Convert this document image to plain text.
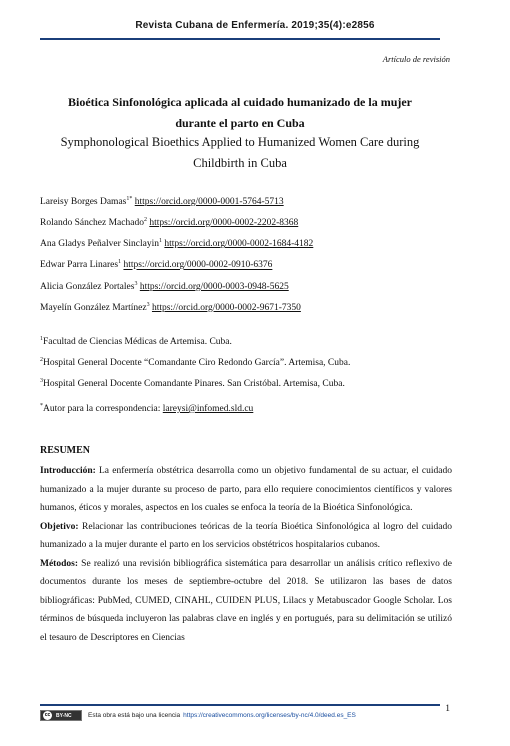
Revista Cubana de Enfermería. 2019;35(4):e2856
Artículo de revisión
Bioética Sinfonológica aplicada al cuidado humanizado de la mujer
durante el parto en Cuba
Symphonological Bioethics Applied to Humanized Women Care during
Childbirth in Cuba
Lareisy Borges Damas$^{1*}$ https://orcid.org/0000-0001-5764-5713
Rolando Sánchez Machado$^2$ https://orcid.org/0000-0002-2202-8368
Ana Gladys Peñalver Sinclayin$^1$ https://orcid.org/0000-0002-1684-4182
Edwar Parra Linares$^1$ https://orcid.org/0000-0002-0910-6376
Alicia González Portales$^3$ https://orcid.org/0000-0003-0948-5625
Mayelín González Martínez$^3$ https://orcid.org/0000-0002-9671-7350
$^1$Facultad de Ciencias Médicas de Artemisa. Cuba.
$^2$Hospital General Docente “Comandante Ciro Redondo García”. Artemisa, Cuba.
$^3$Hospital General Docente Comandante Pinares. San Cristóbal. Artemisa, Cuba.
*Autor para la correspondencia: lareysi@infomed.sld.cu
RESUMEN

Introducción: La enfermería obstétrica desarrolla como un objetivo fundamental de su actuar, el cuidado humanizado a la mujer durante su proceso de parto, para ello requiere conocimientos científicos y valores humanos, éticos y morales, aspectos en los cuales se enfoca la teoría de la Bioética Sinfonológica.

Objetivo: Relacionar las contribuciones teóricas de la teoría Bioética Sinfonológica al logro del cuidado humanizado a la mujer durante el parto en los servicios obstétricos hospitalarios cubanos.

Métodos: Se realizó una revisión bibliográfica sistemática para desarrollar un análisis crítico reflexivo de documentos durante los meses de septiembre-octubre del 2018. Se utilizaron las bases de datos bibliográficas: PubMed, CUMED, CINAHL, CUIDEN PLUS, Lilacs y Metabuscador Google Scholar. Los términos de búsqueda incluyeron las palabras clave en inglés y en portugués, para su delimitación se utilizó el tesauro de Descriptores en Ciencias

1
cc	BY-NC	Esta obra está bajo una licencia https://creativecommons.org/licenses/by-nc/4.0/deed.es_ES
